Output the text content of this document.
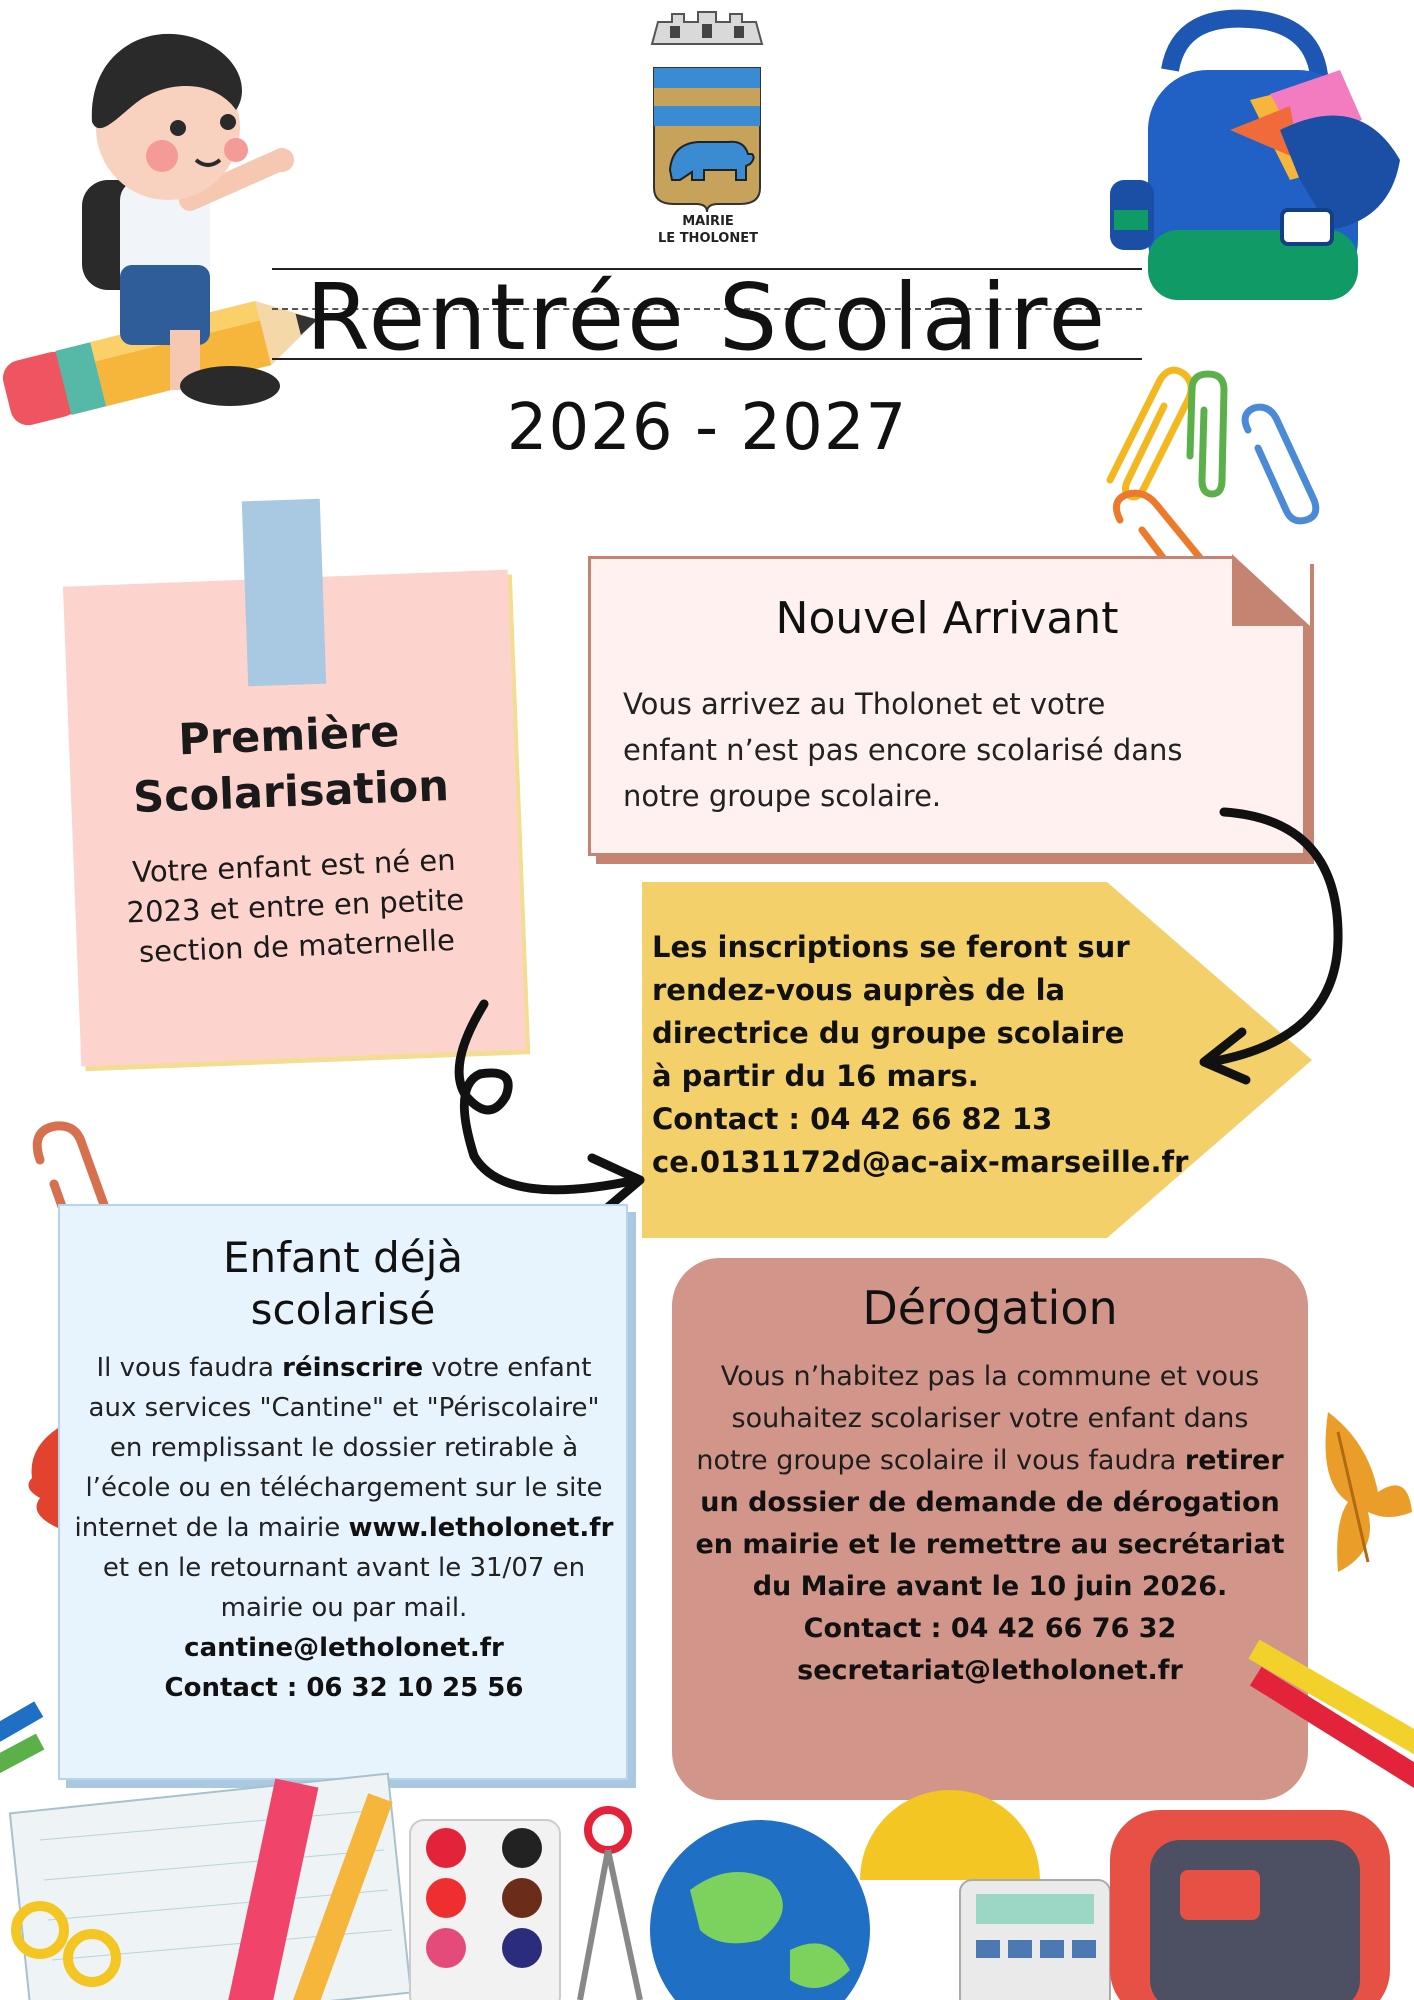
MAIRIE
LE THOLONET
Rentrée Scolaire
2026 - 2027
Première
Scolarisation
Votre enfant est né en
2023 et entre en petite
section de maternelle
Nouvel Arrivant
Vous arrivez au Tholonet et votre
enfant n’est pas encore scolarisé dans
notre groupe scolaire.
Les inscriptions se feront sur
rendez-vous auprès de la
directrice du groupe scolaire
à partir du 16 mars.
Contact : 04 42 66 82 13
ce.0131172d@ac-aix-marseille.fr
Enfant déjà
scolarisé
Il vous faudra réinscrire votre enfant aux services "Cantine" et "Périscolaire" en remplissant le dossier retirable à l’école ou en téléchargement sur le site internet de la mairie www.letholonet.fr et en le retournant avant le 31/07 en mairie ou par mail.
cantine@letholonet.fr
Contact : 06 32 10 25 56
Dérogation
Vous n’habitez pas la commune et vous souhaitez scolariser votre enfant dans notre groupe scolaire il vous faudra retirer un dossier de demande de dérogation en mairie et le remettre au secrétariat du Maire avant le 10 juin 2026.
Contact : 04 42 66 76 32
secretariat@letholonet.fr
